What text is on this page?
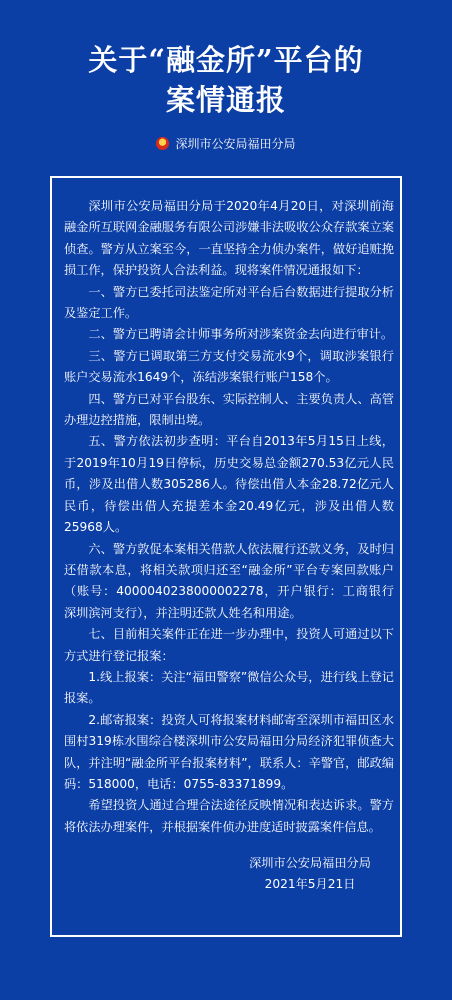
关于“融金所”平台的
案情通报
深圳市公安局福田分局

深圳市公安局福田分局于2020年4月20日，对深圳前海融金所互联网金融服务有限公司涉嫌非法吸收公众存款案立案侦查。警方从立案至今，一直坚持全力侦办案件，做好追赃挽损工作，保护投资人合法利益。现将案件情况通报如下：

一、警方已委托司法鉴定所对平台后台数据进行提取分析及鉴定工作。

二、警方已聘请会计师事务所对涉案资金去向进行审计。

三、警方已调取第三方支付交易流水9个，调取涉案银行账户交易流水1649个，冻结涉案银行账户158个。

四、警方已对平台股东、实际控制人、主要负责人、高管办理边控措施，限制出境。

五、警方依法初步查明：平台自2013年5月15日上线，于2019年10月19日停标，历史交易总金额270.53亿元人民币，涉及出借人数305286人。待偿出借人本金28.72亿元人民币，待偿出借人充提差本金20.49亿元，涉及出借人数25968人。

六、警方敦促本案相关借款人依法履行还款义务，及时归还借款本息，将相关款项归还至“融金所”平台专案回款账户（账号：4000040238000002278，开户银行：工商银行深圳滨河支行），并注明还款人姓名和用途。

七、目前相关案件正在进一步办理中，投资人可通过以下方式进行登记报案：

1.线上报案：关注“福田警察”微信公众号，进行线上登记报案。

2.邮寄报案：投资人可将报案材料邮寄至深圳市福田区水围村319栋水围综合楼深圳市公安局福田分局经济犯罪侦查大队，并注明“融金所平台报案材料”，联系人：辛警官，邮政编码：518000，电话：0755-83371899。

希望投资人通过合理合法途径反映情况和表达诉求。警方将依法办理案件，并根据案件侦办进度适时披露案件信息。

深圳市公安局福田分局
2021年5月21日
